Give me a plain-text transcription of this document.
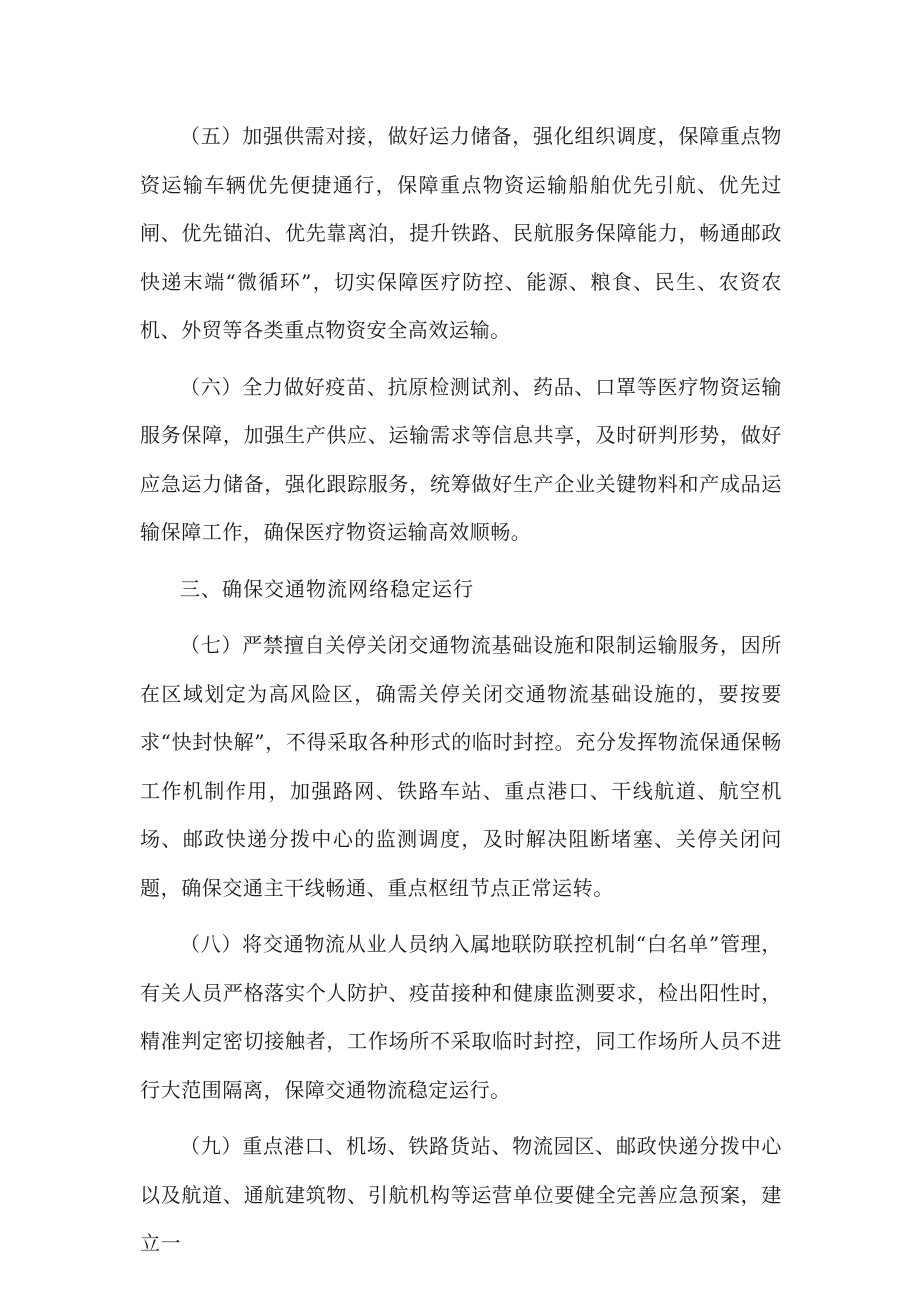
（五）加强供需对接，做好运力储备，强化组织调度，保障重点物资运输车辆优先便捷通行，保障重点物资运输船舶优先引航、优先过闸、优先锚泊、优先靠离泊，提升铁路、民航服务保障能力，畅通邮政快递末端“微循环”，切实保障医疗防控、能源、粮食、民生、农资农机、外贸等各类重点物资安全高效运输。

（六）全力做好疫苗、抗原检测试剂、药品、口罩等医疗物资运输服务保障，加强生产供应、运输需求等信息共享，及时研判形势，做好应急运力储备，强化跟踪服务，统筹做好生产企业关键物料和产成品运输保障工作，确保医疗物资运输高效顺畅。

三、确保交通物流网络稳定运行

（七）严禁擅自关停关闭交通物流基础设施和限制运输服务，因所在区域划定为高风险区，确需关停关闭交通物流基础设施的，要按要求“快封快解”，不得采取各种形式的临时封控。充分发挥物流保通保畅工作机制作用，加强路网、铁路车站、重点港口、干线航道、航空机场、邮政快递分拨中心的监测调度，及时解决阻断堵塞、关停关闭问题，确保交通主干线畅通、重点枢纽节点正常运转。

（八）将交通物流从业人员纳入属地联防联控机制“白名单”管理，有关人员严格落实个人防护、疫苗接种和健康监测要求，检出阳性时，精准判定密切接触者，工作场所不采取临时封控，同工作场所人员不进行大范围隔离，保障交通物流稳定运行。

（九）重点港口、机场、铁路货站、物流园区、邮政快递分拨中心以及航道、通航建筑物、引航机构等运营单位要健全完善应急预案，建立一
